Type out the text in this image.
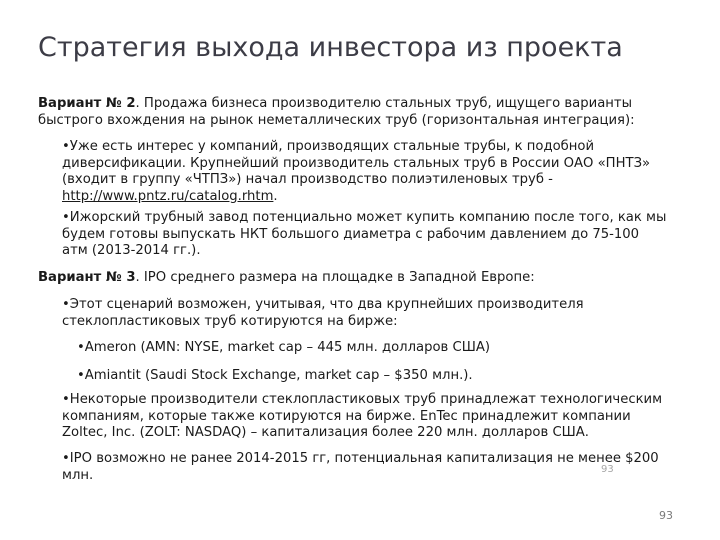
Стратегия выхода инвестора из проекта

Вариант № 2. Продажа бизнеса производителю стальных труб, ищущего варианты
быстрого вхождения на рынок неметаллических труб (горизонтальная интеграция):

•Уже есть интерес у компаний, производящих стальные трубы, к подобной
диверсификации. Крупнейший производитель стальных труб в России ОАО «ПНТЗ»
(входит в группу «ЧТПЗ») начал производство полиэтиленовых труб -
http://www.pntz.ru/catalog.rhtm.

•Ижорский трубный завод потенциально может купить компанию после того, как мы
будем готовы выпускать НКТ большого диаметра с рабочим давлением до 75-100
атм (2013-2014 гг.).

Вариант № 3. IPO среднего размера на площадке в Западной Европе:

•Этот сценарий возможен, учитывая, что два крупнейших производителя
стеклопластиковых труб котируются на бирже:

•Ameron (AMN: NYSE, market cap – 445 млн. долларов США)

•Amiantit (Saudi Stock Exchange, market cap – $350 млн.).

•Некоторые производители стеклопластиковых труб принадлежат технологическим
компаниям, которые также котируются на бирже. EnTec принадлежит компании
Zoltec, Inc. (ZOLT: NASDAQ) – капитализация более 220 млн. долларов США.

•IPO возможно не ранее 2014-2015 гг, потенциальная капитализация не менее $200
млн.	93
93
